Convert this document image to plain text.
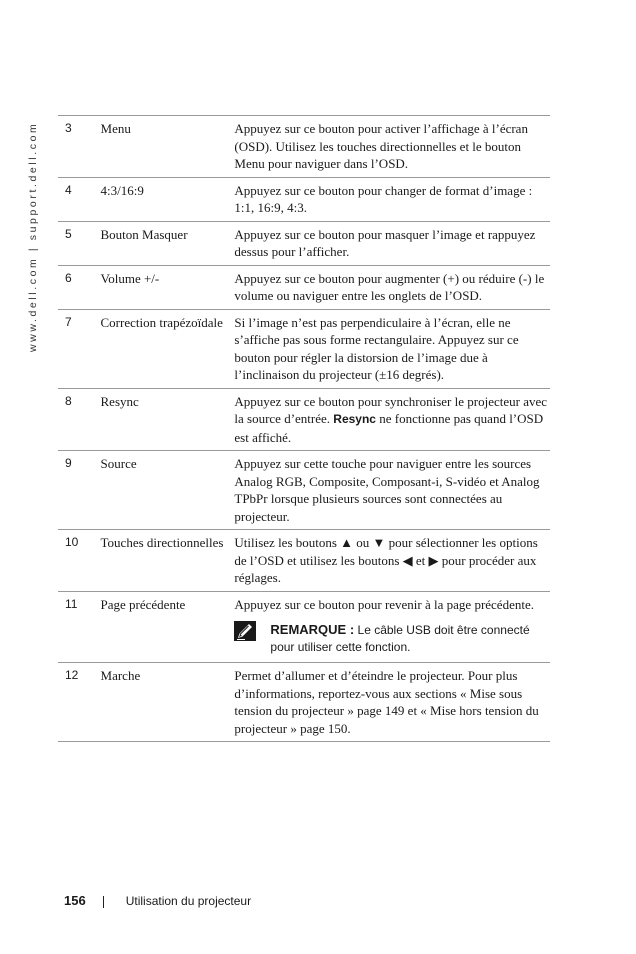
www.dell.com | support.dell.com 3	Menu	Appuyez sur ce bouton pour activer l’affichage à l’écran (OSD). Utilisez les touches directionnelles et le bouton Menu pour naviguer dans l’OSD.
4	4:3/16:9	Appuyez sur ce bouton pour changer de format d’image : 1:1, 16:9, 4:3.
5	Bouton Masquer	Appuyez sur ce bouton pour masquer l’image et rappuyez dessus pour l’afficher.
6	Volume +/-	Appuyez sur ce bouton pour augmenter (+) ou réduire (-) le volume ou naviguer entre les onglets de l’OSD.
7	Correction trapézoïdale	Si l’image n’est pas perpendiculaire à l’écran, elle ne s’affiche pas sous forme rectangulaire. Appuyez sur ce bouton pour régler la distorsion de l’image due à l’inclinaison du projecteur (±16 degrés).
8	Resync	Appuyez sur ce bouton pour synchroniser le projecteur avec la source d’entrée. Resync ne fonctionne pas quand l’OSD est affiché.
9	Source	Appuyez sur cette touche pour naviguer entre les sources Analog RGB, Composite, Composant-i, S-vidéo et Analog TPbPr lorsque plusieurs sources sont connectées au projecteur.
10	Touches directionnelles	Utilisez les boutons ▲ ou ▼ pour sélectionner les options de l’OSD et utilisez les boutons ◀ et ▶ pour procéder aux réglages.
11	Page précédente	Appuyez sur ce bouton pour revenir à la page précédente.
REMARQUE : Le câble USB doit être connecté pour utiliser cette fonction.

12	Marche	Permet d’allumer et d’éteindre le projecteur. Pour plus d’informations, reportez-vous aux sections « Mise sous tension du projecteur » page 149 et « Mise hors tension du projecteur » page 150.
156	Utilisation du projecteur
